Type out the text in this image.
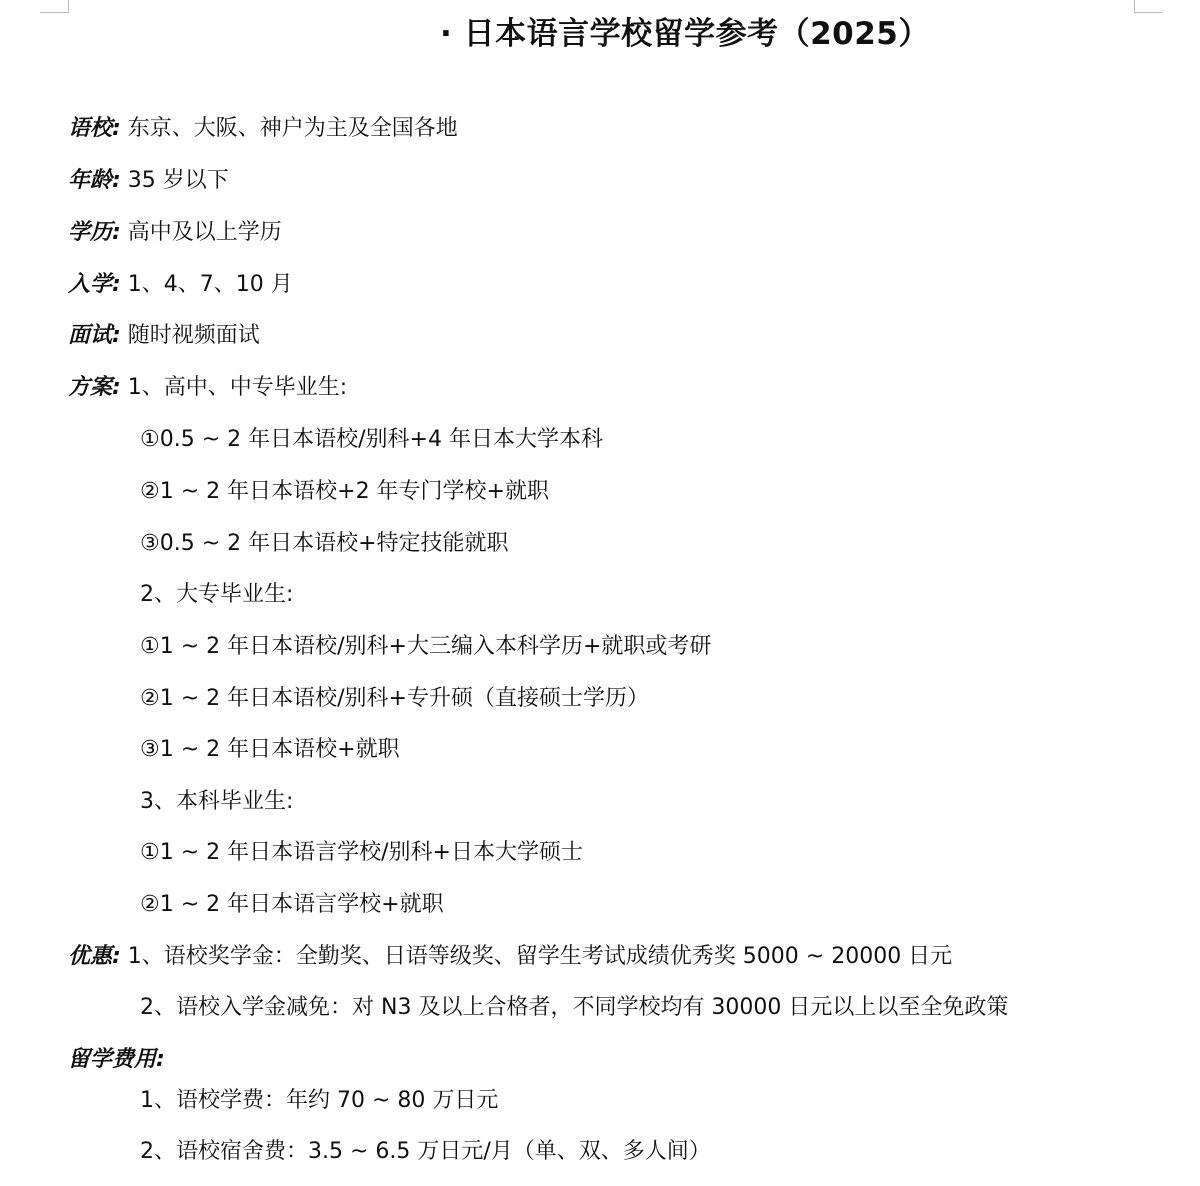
· 日本语言学校留学参考（2025）
语校: 东京、大阪、神户为主及全国各地
年龄: 35 岁以下
学历: 高中及以上学历
入学: 1、4、7、10 月
面试: 随时视频面试
方案: 1、高中、中专毕业生:
①0.5 ~ 2 年日本语校/别科+4 年日本大学本科
②1 ~ 2 年日本语校+2 年专门学校+就职
③0.5 ~ 2 年日本语校+特定技能就职
2、大专毕业生:
①1 ~ 2 年日本语校/别科+大三编入本科学历+就职或考研
②1 ~ 2 年日本语校/别科+专升硕（直接硕士学历）
③1 ~ 2 年日本语校+就职
3、本科毕业生:
①1 ~ 2 年日本语言学校/别科+日本大学硕士
②1 ~ 2 年日本语言学校+就职
优惠: 1、语校奖学金：全勤奖、日语等级奖、留学生考试成绩优秀奖 5000 ~ 20000 日元
2、语校入学金减免：对 N3 及以上合格者，不同学校均有 30000 日元以上以至全免政策
留学费用:
1、语校学费：年约 70 ~ 80 万日元
2、语校宿舍费：3.5 ~ 6.5 万日元/月（单、双、多人间）
